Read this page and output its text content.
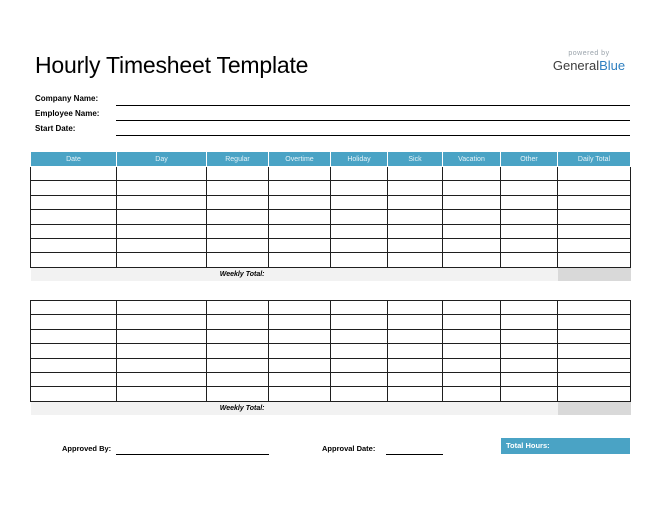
Hourly Timesheet Template	powered by
GeneralBlue
Company Name:
Employee Name:
Start Date:
Date	Day	Regular	Overtime	Holiday	Sick	Vacation	Other	Daily Total

Weekly Total:								

Weekly Total:								
Approved By:	Approval Date:	Total Hours:
